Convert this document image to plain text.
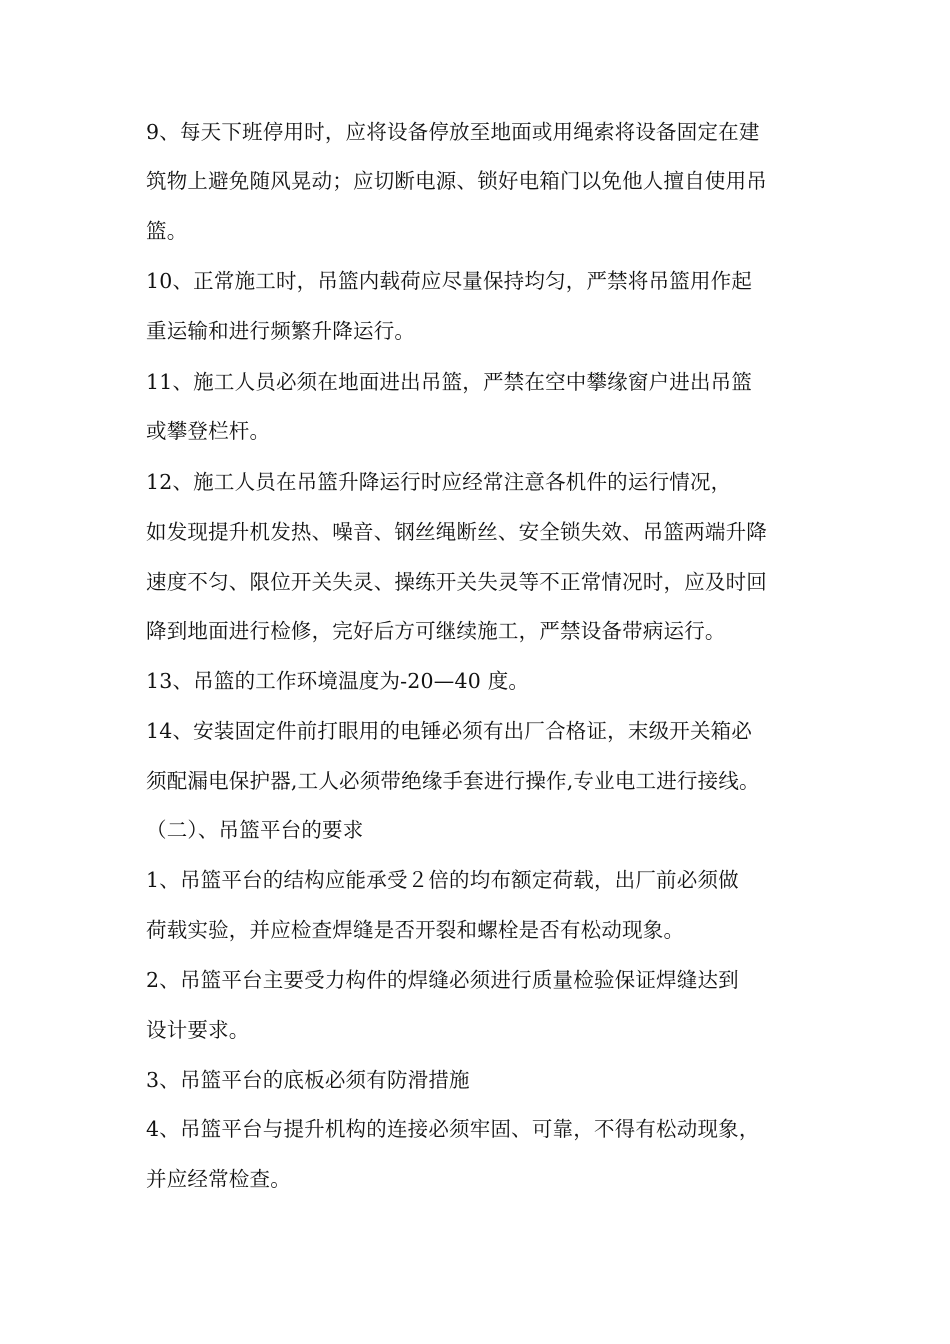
9、每天下班停用时，应将设备停放至地面或用绳索将设备固定在建
筑物上避免随风晃动；应切断电源、锁好电箱门以免他人擅自使用吊
篮。
10、正常施工时，吊篮内载荷应尽量保持均匀，严禁将吊篮用作起
重运输和进行频繁升降运行。
11、施工人员必须在地面进出吊篮，严禁在空中攀缘窗户进出吊篮
或攀登栏杆。
12、施工人员在吊篮升降运行时应经常注意各机件的运行情况，
如发现提升机发热、噪音、钢丝绳断丝、安全锁失效、吊篮两端升降
速度不匀、限位开关失灵、操练开关失灵等不正常情况时，应及时回
降到地面进行检修，完好后方可继续施工，严禁设备带病运行。
13、吊篮的工作环境温度为-20—40 度。
14、安装固定件前打眼用的电锤必须有出厂合格证，末级开关箱必
须配漏电保护器,工人必须带绝缘手套进行操作,专业电工进行接线。
（二）、吊篮平台的要求
1、吊篮平台的结构应能承受２倍的均布额定荷载，出厂前必须做
荷载实验，并应检查焊缝是否开裂和螺栓是否有松动现象。
2、吊篮平台主要受力构件的焊缝必须进行质量检验保证焊缝达到
设计要求。
3、吊篮平台的底板必须有防滑措施
4、吊篮平台与提升机构的连接必须牢固、可靠，不得有松动现象，
并应经常检查。
